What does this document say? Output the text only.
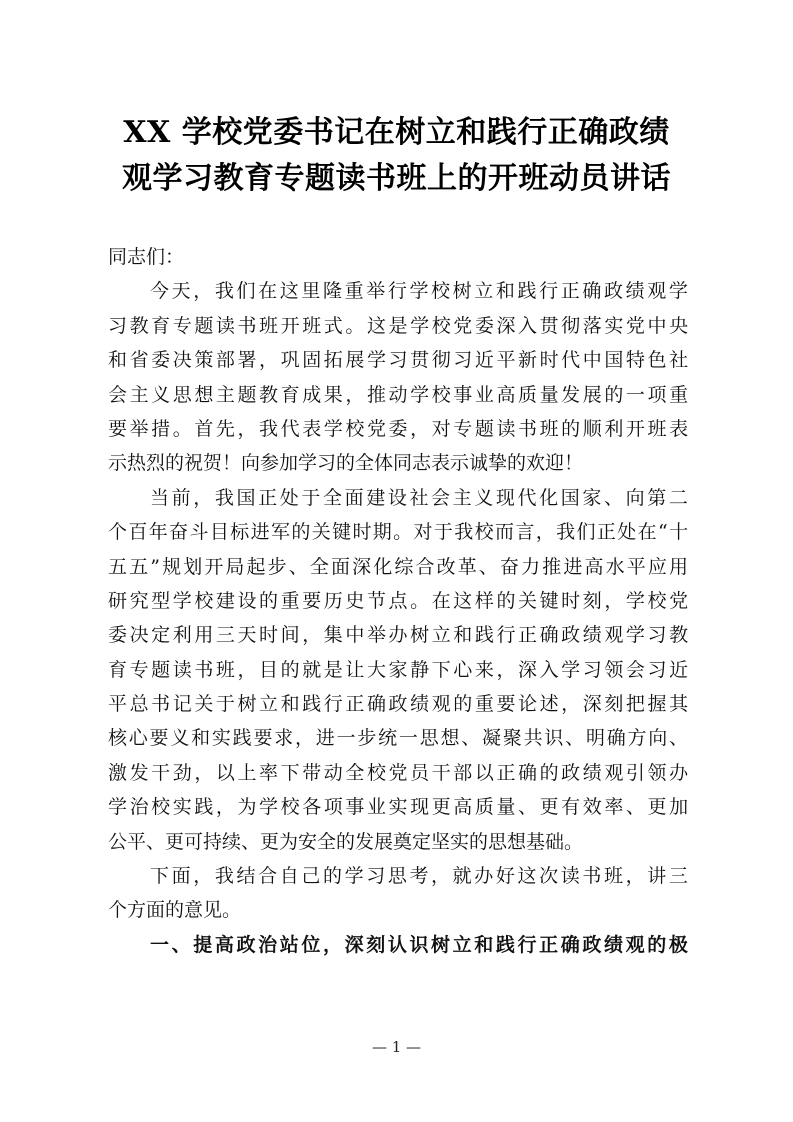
XX 学校党委书记在树立和践行正确政绩
观学习教育专题读书班上的开班动员讲话
同志们：
今天，我们在这里隆重举行学校树立和践行正确政绩观学
习教育专题读书班开班式。这是学校党委深入贯彻落实党中央
和省委决策部署，巩固拓展学习贯彻习近平新时代中国特色社
会主义思想主题教育成果，推动学校事业高质量发展的一项重
要举措。首先，我代表学校党委，对专题读书班的顺利开班表
示热烈的祝贺！向参加学习的全体同志表示诚挚的欢迎！
当前，我国正处于全面建设社会主义现代化国家、向第二
个百年奋斗目标进军的关键时期。对于我校而言，我们正处在“十
五五”规划开局起步、全面深化综合改革、奋力推进高水平应用
研究型学校建设的重要历史节点。在这样的关键时刻，学校党
委决定利用三天时间，集中举办树立和践行正确政绩观学习教
育专题读书班，目的就是让大家静下心来，深入学习领会习近
平总书记关于树立和践行正确政绩观的重要论述，深刻把握其
核心要义和实践要求，进一步统一思想、凝聚共识、明确方向、
激发干劲，以上率下带动全校党员干部以正确的政绩观引领办
学治校实践，为学校各项事业实现更高质量、更有效率、更加
公平、更可持续、更为安全的发展奠定坚实的思想基础。
下面，我结合自己的学习思考，就办好这次读书班，讲三
个方面的意见。
一、提高政治站位，深刻认识树立和践行正确政绩观的极
— 1 —
